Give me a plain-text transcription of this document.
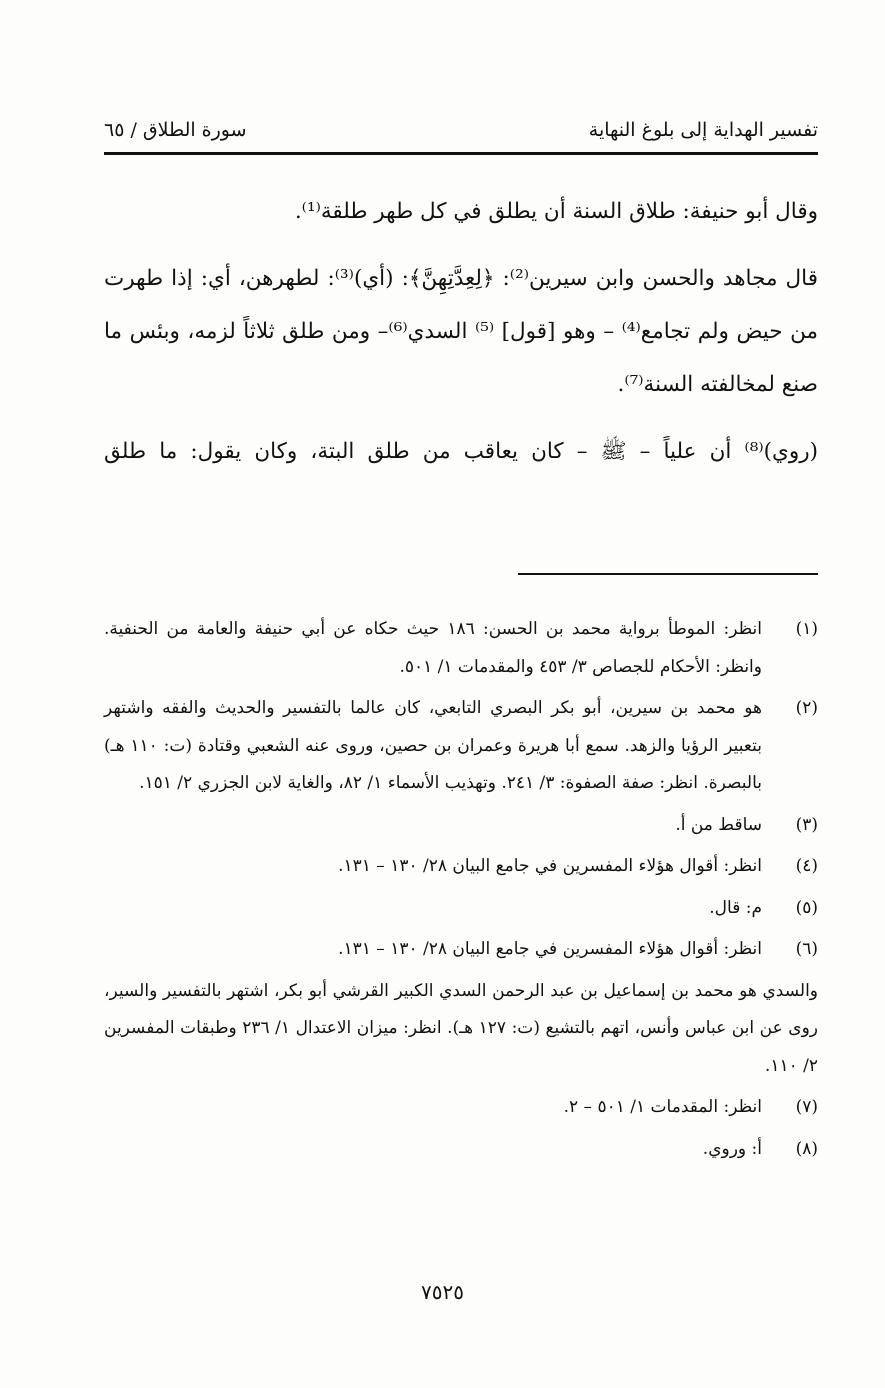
تفسير الهداية إلى بلوغ النهاية
سورة الطلاق / ٦٥

وقال أبو حنيفة: طلاق السنة أن يطلق في كل طهر طلقة⁽¹⁾.

قال مجاهد والحسن وابن سيرين⁽²⁾: ﴿لِعِدَّتِهِنَّ﴾: (أي)⁽³⁾: لطهرهن، أي: إذا طهرت من حيض ولم تجامع⁽⁴⁾ – وهو [قول] ⁽⁵⁾ السدي⁽⁶⁾– ومن طلق ثلاثاً لزمه، وبئس ما صنع لمخالفته السنة⁽⁷⁾.

(روي)⁽⁸⁾ أن علياً – ﷺ – كان يعاقب من طلق البتة، وكان يقول: ما طلق

(١)
انظر: الموطأ برواية محمد بن الحسن: ١٨٦ حيث حكاه عن أبي حنيفة والعامة من الحنفية. وانظر: الأحكام للجصاص ٣/ ٤٥٣ والمقدمات ١/ ٥٠١.
(٢)
هو محمد بن سيرين، أبو بكر البصري التابعي، كان عالما بالتفسير والحديث والفقه واشتهر بتعبير الرؤيا والزهد. سمع أبا هريرة وعمران بن حصين، وروى عنه الشعبي وقتادة (ت: ١١٠ هـ) بالبصرة. انظر: صفة الصفوة: ٣/ ٢٤١. وتهذيب الأسماء ١/ ٨٢، والغاية لابن الجزري ٢/ ١٥١.
(٣)
ساقط من أ.
(٤)
انظر: أقوال هؤلاء المفسرين في جامع البيان ٢٨/ ١٣٠ – ١٣١.
(٥)
م: قال.
(٦)
انظر: أقوال هؤلاء المفسرين في جامع البيان ٢٨/ ١٣٠ – ١٣١.
والسدي هو محمد بن إسماعيل بن عبد الرحمن السدي الكبير القرشي أبو بكر، اشتهر بالتفسير والسير، روى عن ابن عباس وأنس، اتهم بالتشيع (ت: ١٢٧ هـ). انظر: ميزان الاعتدال ١/ ٢٣٦ وطبقات المفسرين ٢/ ١١٠.
(٧)
انظر: المقدمات ١/ ٥٠١ – ٢.
(٨)
أ: وروي.
٧٥٢٥
